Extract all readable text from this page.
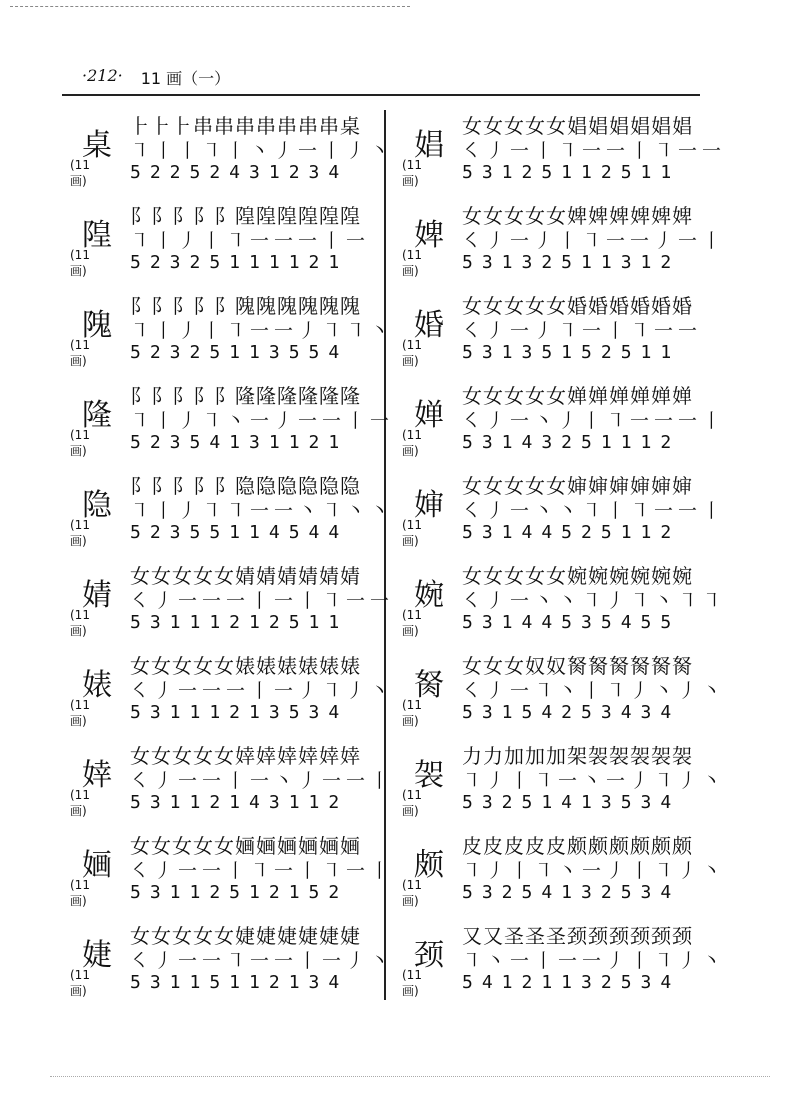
·212· 11 画（一）
桌
(11画)
⺊⺊⺊串串串串串串串桌
㇕丨丨㇕丨丶丿一丨丿丶
52252431234
隍
(11画)
阝阝阝阝阝隍隍隍隍隍隍
㇕丨丿丨㇕一一一丨一
52325111121
隗
(11画)
阝阝阝阝阝隗隗隗隗隗隗
㇕丨丿丨㇕一一丿㇕㇕丶
52325113554
隆
(11画)
阝阝阝阝阝隆隆隆隆隆隆
㇕丨丿㇕丶一丿一一丨一
52354131121
隐
(11画)
阝阝阝阝阝隐隐隐隐隐隐
㇕丨丿㇕㇕一一丶㇕丶丶
52355114544
婧
(11画)
女女女女女婧婧婧婧婧婧
㇛丿一一一丨一丨㇕一一
53111212511
婊
(11画)
女女女女女婊婊婊婊婊婊
㇛丿一一一丨一丿㇕丿丶
53111213534
婞
(11画)
女女女女女婞婞婞婞婞婞
㇛丿一一丨一丶丿一一丨
53112143112
婳
(11画)
女女女女女婳婳婳婳婳婳
㇛丿一一丨㇕一丨㇕一丨
53112512152
婕
(11画)
女女女女女婕婕婕婕婕婕
㇛丿一一㇕一一丨一丿丶
53115112134
娼
(11画)
女女女女女娼娼娼娼娼娼
㇛丿一丨㇕一一丨㇕一一
53125112511
婢
(11画)
女女女女女婢婢婢婢婢婢
㇛丿一丿丨㇕一一丿一丨
53132511312
婚
(11画)
女女女女女婚婚婚婚婚婚
㇛丿一丿㇕一丨㇕一一
53135152511
婵
(11画)
女女女女女婵婵婵婵婵婵
㇛丿一丶丿丨㇕一一一丨
53143251112
婶
(11画)
女女女女女婶婶婶婶婶婶
㇛丿一丶丶㇕丨㇕一一丨
53144525112
婉
(11画)
女女女女女婉婉婉婉婉婉
㇛丿一丶丶㇕丿㇕丶㇕㇕
53144535455
胬
(11画)
女女女奴奴胬胬胬胬胬胬
㇛丿一㇕丶丨㇕丿丶丿丶
53154253434
袈
(11画)
力力加加加架袈袈袈袈袈
㇕丿丨㇕一丶一丿㇕丿丶
53251413534
颇
(11画)
皮皮皮皮皮颇颇颇颇颇颇
㇕丿丨㇕丶一丿丨㇕丿丶
53254132534
颈
(11画)
又又圣圣圣颈颈颈颈颈颈
㇕丶一丨一一丿丨㇕丿丶
54121132534
